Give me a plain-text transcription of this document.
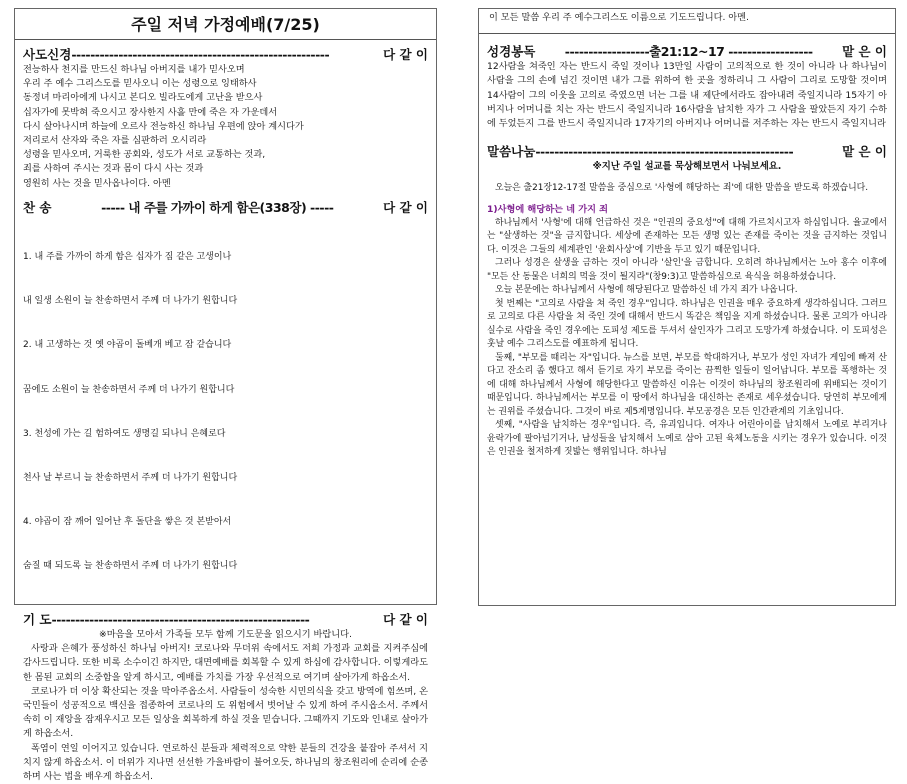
주일 저녁 가정예배(7/25)
사도신경 -------------------------------------------------------	다 같 이
전능하사 천지를 만드신 하나님 아버지를 내가 믿사오며
우리 주 예수 그리스도를 믿사오니 이는 성령으로 잉태하사
동정녀 마리아에게 나시고 본디오 빌라도에게 고난을 받으사
십자가에 못박혀 죽으시고 장사한지 사흘 만에 죽은 자 가운데서
다시 살아나시며 하늘에 오르사 전능하신 하나님 우편에 앉아 계시다가
저리로서 산자와 죽은 자를 심판하러 오시리라
성령을 믿사오며, 거룩한 공회와, 성도가 서로 교통하는 것과,
죄를 사하여 주시는 것과 몸이 다시 사는 것과
영원히 사는 것을 믿사옵나이다. 아멘
찬 송	----- 내 주를 가까이 하게 함은(338장) -----	다 같 이

1. 내 주를 가까이 하게 함은 십자가 짐 같은 고생이나

내 일생 소원이 늘 찬송하면서 주께 더 나가기 원합니다

2. 내 고생하는 것 옛 야곱이 돌베개 베고 잠 같습니다

꿈에도 소원이 늘 찬송하면서 주께 더 나가기 원합니다

3. 천성에 가는 길 험하여도 생명길 되나니 은혜로다

천사 날 부르니 늘 찬송하면서 주께 더 나가기 원합니다

4. 야곱이 잠 깨어 일어난 후 돌단을 쌓은 것 본받아서

숨질 때 되도록 늘 찬송하면서 주께 더 나가기 원합니다

기 도 -------------------------------------------------------	다 같 이
※마음을 모아서 가족들 모두 함께 기도문을 읽으시기 바랍니다.
사랑과 은혜가 풍성하신 하나님 아버지! 코로나와 무더위 속에서도 저희 가정과 교회를 지켜주심에 감사드립니다. 또한 비록 소수이긴 하지만, 대면예배를 회복할 수 있게 하심에 감사합니다. 이렇게라도 한 몸된 교회의 소중함을 알게 하시고, 예배를 가치를 가장 우선적으로 여기며 살아가게 하옵소서.
코로나가 더 이상 확산되는 것을 막아주옵소서. 사람들이 성숙한 시민의식을 갖고 방역에 힘쓰며, 온 국민들이 성공적으로 백신을 접종하여 코로나의 도 위험에서 벗어날 수 있게 하여 주시옵소서. 주께서 속히 이 재앙을 잠재우시고 모든 일상을 회복하게 하실 것을 믿습니다. 그때까지 기도와 인내로 살아가게 하옵소서.
폭염이 연일 이어지고 있습니다. 연로하신 분들과 체력적으로 약한 분들의 건강을 붙잡아 주셔서 지치지 않게 하옵소서. 이 더위가 지나면 선선한 가을바람이 불어오듯, 하나님의 창조원리에 순리에 순종하며 사는 법을 배우게 하옵소서.
이 모든 말씀 우리 주 예수그리스도 이름으로 기도드립니다. 아멘.
성경봉독	------------------출21:12~17 ------------------	맡 은 이
12사람을 쳐죽인 자는 반드시 죽일 것이나 13만일 사람이 고의적으로 한 것이 아니라 나 하나님이 사람을 그의 손에 넘긴 것이면 내가 그를 위하여 한 곳을 정하리니 그 사람이 그리로 도망할 것이며 14사람이 그의 이웃을 고의로 죽였으면 너는 그를 내 제단에서라도 잡아내려 죽일지니라 15자기 아버지나 어머니를 치는 자는 반드시 죽일지니라 16사람을 납치한 자가 그 사람을 팔았든지 자기 수하에 두었든지 그를 반드시 죽일지니라 17자기의 아버지나 어머니를 저주하는 자는 반드시 죽일지니라
말씀나눔 -------------------------------------------------------	맡 은 이
※지난 주일 설교를 묵상해보면서 나눠보세요.
오늘은 출21장12-17절 말씀을 중심으로 '사형에 해당하는 죄'에 대한 말씀을 받도록 하겠습니다.
1)사형에 해당하는 네 가지 죄
하나님께서 '사형'에 대해 언급하신 것은 "인권의 중요성"에 대해 가르치시고자 하심입니다. 율교에서는 "살생하는 것"을 금지합니다. 세상에 존재하는 모든 생명 있는 존재를 죽이는 것을 금지하는 것입니다. 이것은 그들의 세계관인 '윤회사상'에 기반을 두고 있기 때문입니다.
그러나 성경은 살생을 금하는 것이 아니라 '살인'을 금합니다. 오히려 하나님께서는 노아 홍수 이후에 "모든 산 동물은 너희의 먹을 것이 될지라"(창9:3)고 말씀하심으로 육식을 허용하셨습니다.
오늘 본문에는 하나님께서 사형에 해당된다고 말씀하신 네 가지 죄가 나옵니다.
첫 번째는 "고의로 사람을 쳐 죽인 경우"입니다. 하나님은 인권을 매우 중요하게 생각하십니다. 그러므로 고의로 다른 사람을 쳐 죽인 것에 대해서 반드시 똑같은 책임을 지게 하셨습니다. 물론 고의가 아니라 실수로 사람을 죽인 경우에는 도피성 제도를 두셔서 살인자가 그리고 도망가게 하셨습니다. 이 도피성은 훗날 예수 그리스도를 예표하게 됩니다.
둘째, "부모를 때리는 자"입니다. 뉴스를 보면, 부모를 학대하거나, 부모가 성인 자녀가 게임에 빠져 산다고 잔소리 좀 했다고 해서 듣기로 자기 부모를 죽이는 끔찍한 일들이 일어납니다. 부모를 폭행하는 것에 대해 하나님께서 사형에 해당한다고 말씀하신 이유는 이것이 하나님의 창조원리에 위배되는 것이기 때문입니다. 하나님께서는 부모를 이 땅에서 하나님을 대신하는 존재로 세우셨습니다. 당연히 부모에게는 권위를 주셨습니다. 그것이 바로 제5계명입니다. 부모공경은 모든 인간관계의 기초입니다.
셋째, "사람을 납치하는 경우"입니다. 즉, 유괴입니다. 여자나 어린아이를 납치해서 노예로 부리거나 윤락가에 팔아넘기거나, 남성들을 납치해서 노예로 삼아 고된 육체노동을 시키는 경우가 있습니다. 이것은 인권을 철저하게 짓밟는 행위입니다. 하나님
